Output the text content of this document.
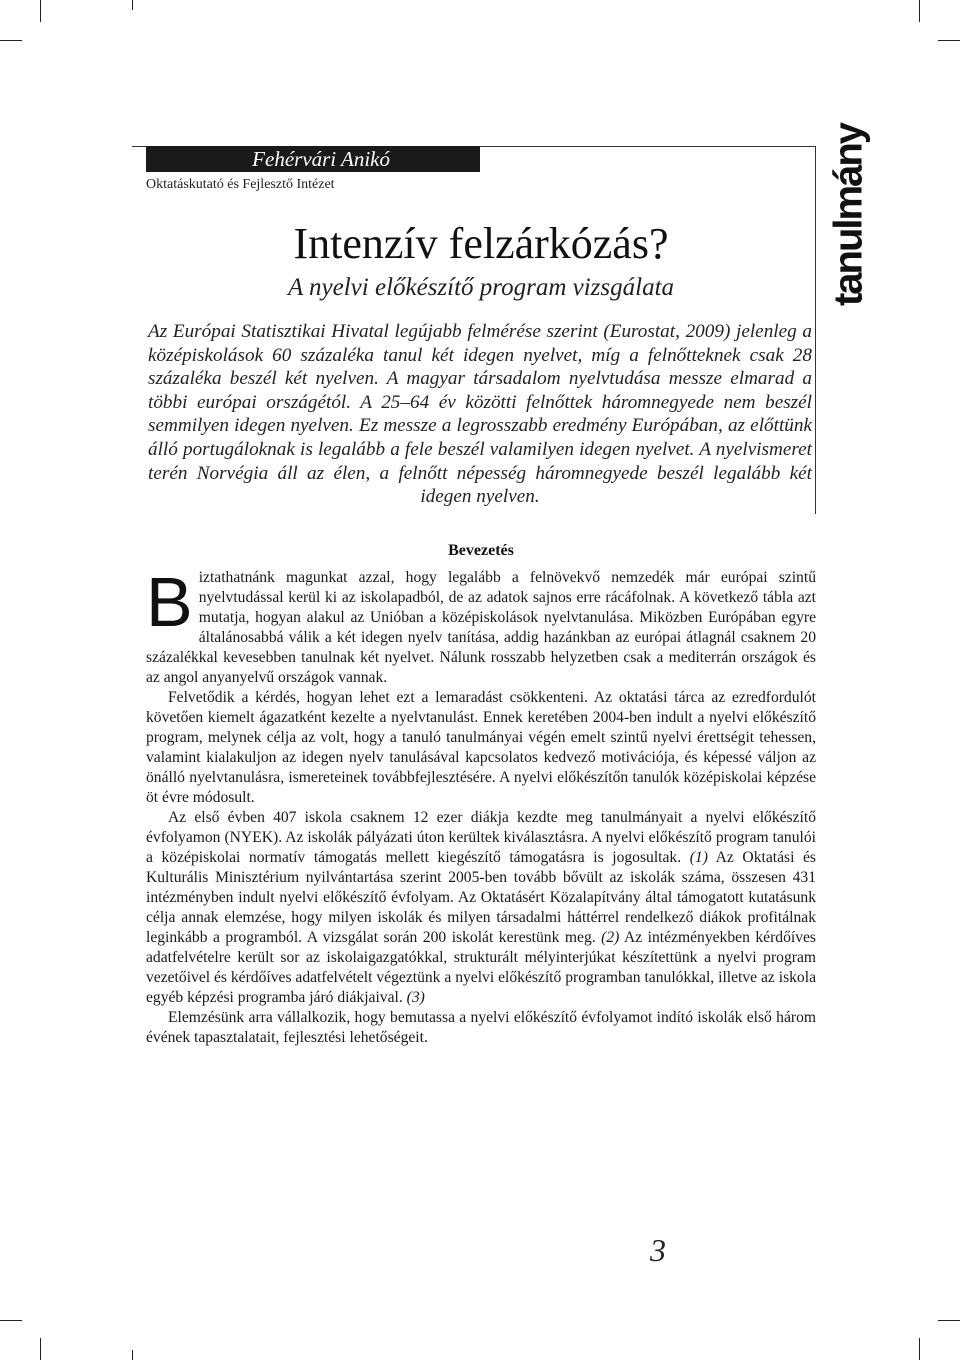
Fehérvári Anikó
Oktatáskutató és Fejlesztő Intézet	tanulmány
Intenzív felzárkózás?
A nyelvi előkészítő program vizsgálata
Az Európai Statisztikai Hivatal legújabb felmérése szerint (Eurostat, 2009) jelenleg a középiskolások 60 százaléka tanul két idegen nyelvet, míg a felnőtteknek csak 28 százaléka beszél két nyelven. A magyar társadalom nyelvtudása messze elmarad a többi európai országétól. A 25–64 év közötti felnőttek háromnegyede nem beszél semmilyen idegen nyelven. Ez messze a legrosszabb eredmény Európában, az előttünk álló portugáloknak is legalább a fele beszél valamilyen idegen nyelvet. A nyelvismeret terén Norvégia áll az élen, a felnőtt népesség háromnegyede beszél legalább két idegen nyelven.
Bevezetés

Biztathatnánk magunkat azzal, hogy legalább a felnövekvő nemzedék már európai szintű nyelvtudással kerül ki az iskolapadból, de az adatok sajnos erre rácáfolnak. A következő tábla azt mutatja, hogyan alakul az Unióban a középiskolások nyelvtanulása. Miközben Európában egyre általánosabbá válik a két idegen nyelv tanítása, addig hazánkban az európai átlagnál csaknem 20 százalékkal kevesebben tanulnak két nyelvet. Nálunk rosszabb helyzetben csak a mediterrán országok és az angol anyanyelvű országok vannak.

Felvetődik a kérdés, hogyan lehet ezt a lemaradást csökkenteni. Az oktatási tárca az ezredfordulót követően kiemelt ágazatként kezelte a nyelvtanulást. Ennek keretében 2004-ben indult a nyelvi előkészítő program, melynek célja az volt, hogy a tanuló tanulmányai végén emelt szintű nyelvi érettségit tehessen, valamint kialakuljon az idegen nyelv tanulásával kapcsolatos kedvező motivációja, és képessé váljon az önálló nyelvtanulásra, ismereteinek továbbfejlesztésére. A nyelvi előkészítőn tanulók középiskolai képzése öt évre módosult.

Az első évben 407 iskola csaknem 12 ezer diákja kezdte meg tanulmányait a nyelvi előkészítő évfolyamon (NYEK). Az iskolák pályázati úton kerültek kiválasztásra. A nyelvi előkészítő program tanulói a középiskolai normatív támogatás mellett kiegészítő támogatásra is jogosultak. (1) Az Oktatási és Kulturális Minisztérium nyilvántartása szerint 2005-ben tovább bővült az iskolák száma, összesen 431 intézményben indult nyelvi előkészítő évfolyam. Az Oktatásért Közalapítvány által támogatott kutatásunk célja annak elemzése, hogy milyen iskolák és milyen társadalmi háttérrel rendelkező diákok profitálnak leginkább a programból. A vizsgálat során 200 iskolát kerestünk meg. (2) Az intézményekben kérdőíves adatfelvételre került sor az iskolaigazgatókkal, strukturált mélyinterjúkat készítettünk a nyelvi program vezetőivel és kérdőíves adatfelvételt végeztünk a nyelvi előkészítő programban tanulókkal, illetve az iskola egyéb képzési programba járó diákjaival. (3)

Elemzésünk arra vállalkozik, hogy bemutassa a nyelvi előkészítő évfolyamot indító iskolák első három évének tapasztalatait, fejlesztési lehetőségeit.

3
